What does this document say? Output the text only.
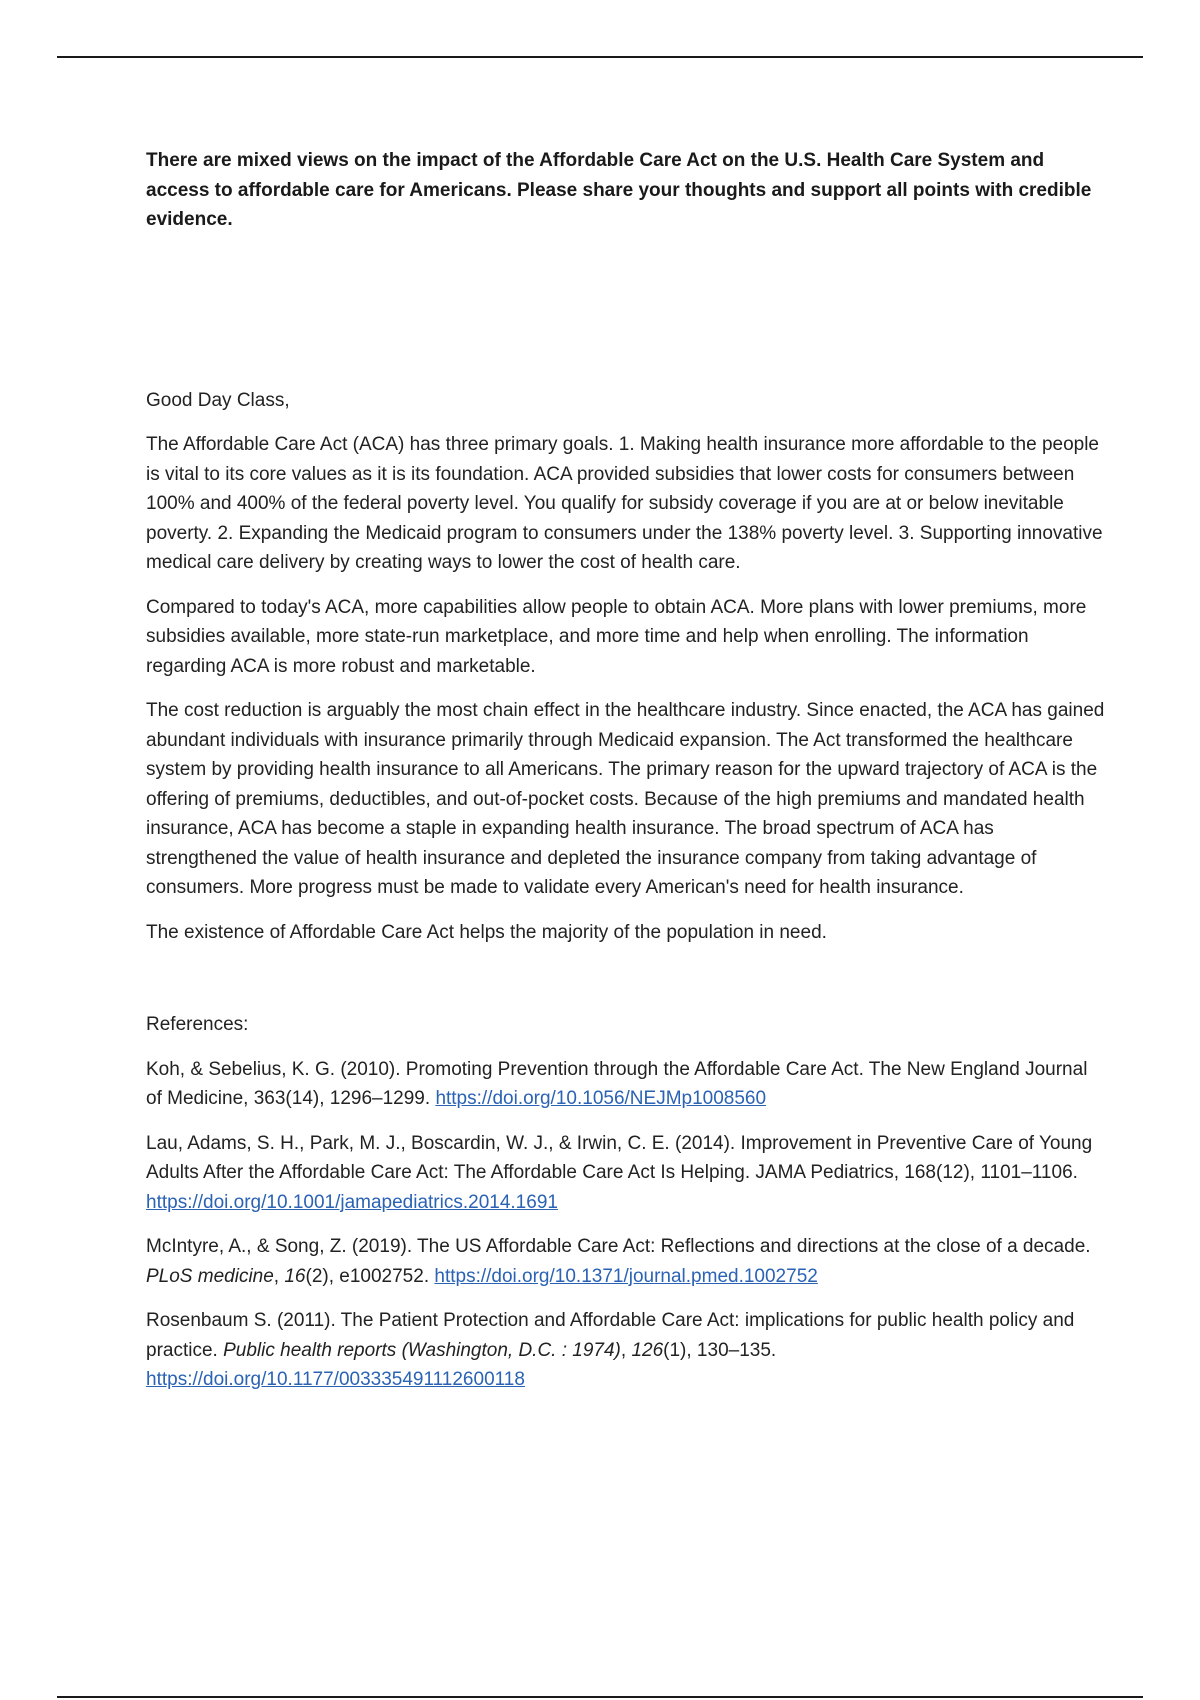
There are mixed views on the impact of the Affordable Care Act on the U.S. Health Care System and access to affordable care for Americans. Please share your thoughts and support all points with credible evidence.

Good Day Class,

The Affordable Care Act (ACA) has three primary goals. 1. Making health insurance more affordable to the people is vital to its core values as it is its foundation. ACA provided subsidies that lower costs for consumers between 100% and 400% of the federal poverty level. You qualify for subsidy coverage if you are at or below inevitable poverty. 2. Expanding the Medicaid program to consumers under the 138% poverty level. 3. Supporting innovative medical care delivery by creating ways to lower the cost of health care.

Compared to today's ACA, more capabilities allow people to obtain ACA. More plans with lower premiums, more subsidies available, more state-run marketplace, and more time and help when enrolling. The information regarding ACA is more robust and marketable.

The cost reduction is arguably the most chain effect in the healthcare industry. Since enacted, the ACA has gained abundant individuals with insurance primarily through Medicaid expansion. The Act transformed the healthcare system by providing health insurance to all Americans. The primary reason for the upward trajectory of ACA is the offering of premiums, deductibles, and out-of-pocket costs. Because of the high premiums and mandated health insurance, ACA has become a staple in expanding health insurance. The broad spectrum of ACA has strengthened the value of health insurance and depleted the insurance company from taking advantage of consumers. More progress must be made to validate every American's need for health insurance.

The existence of Affordable Care Act helps the majority of the population in need.

References:

Koh, & Sebelius, K. G. (2010). Promoting Prevention through the Affordable Care Act. The New England Journal of Medicine, 363(14), 1296–1299. https://doi.org/10.1056/NEJMp1008560

Lau, Adams, S. H., Park, M. J., Boscardin, W. J., & Irwin, C. E. (2014). Improvement in Preventive Care of Young Adults After the Affordable Care Act: The Affordable Care Act Is Helping. JAMA Pediatrics, 168(12), 1101–1106. https://doi.org/10.1001/jamapediatrics.2014.1691

McIntyre, A., & Song, Z. (2019). The US Affordable Care Act: Reflections and directions at the close of a decade. PLoS medicine, 16(2), e1002752. https://doi.org/10.1371/journal.pmed.1002752

Rosenbaum S. (2011). The Patient Protection and Affordable Care Act: implications for public health policy and practice. Public health reports (Washington, D.C. : 1974), 126(1), 130–135. https://doi.org/10.1177/003335491112600118
